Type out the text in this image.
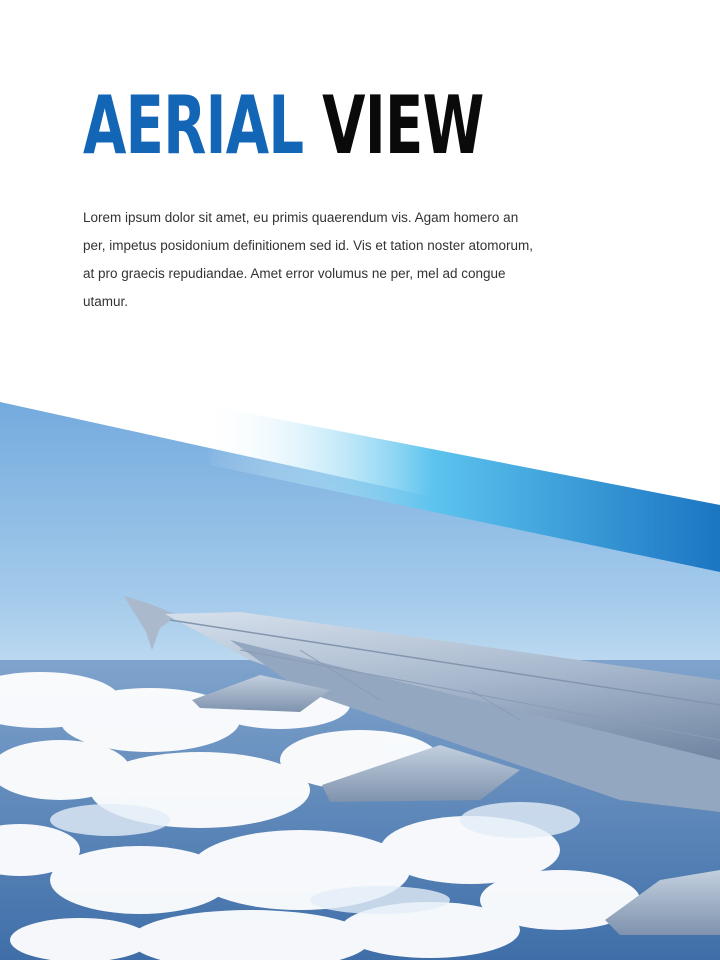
AERIAL VIEW

Lorem ipsum dolor sit amet, eu primis quaerendum vis. Agam homero an per, impetus posidonium definitionem sed id. Vis et tation noster atomorum, at pro graecis repudiandae. Amet error volumus ne per, mel ad congue utamur.
